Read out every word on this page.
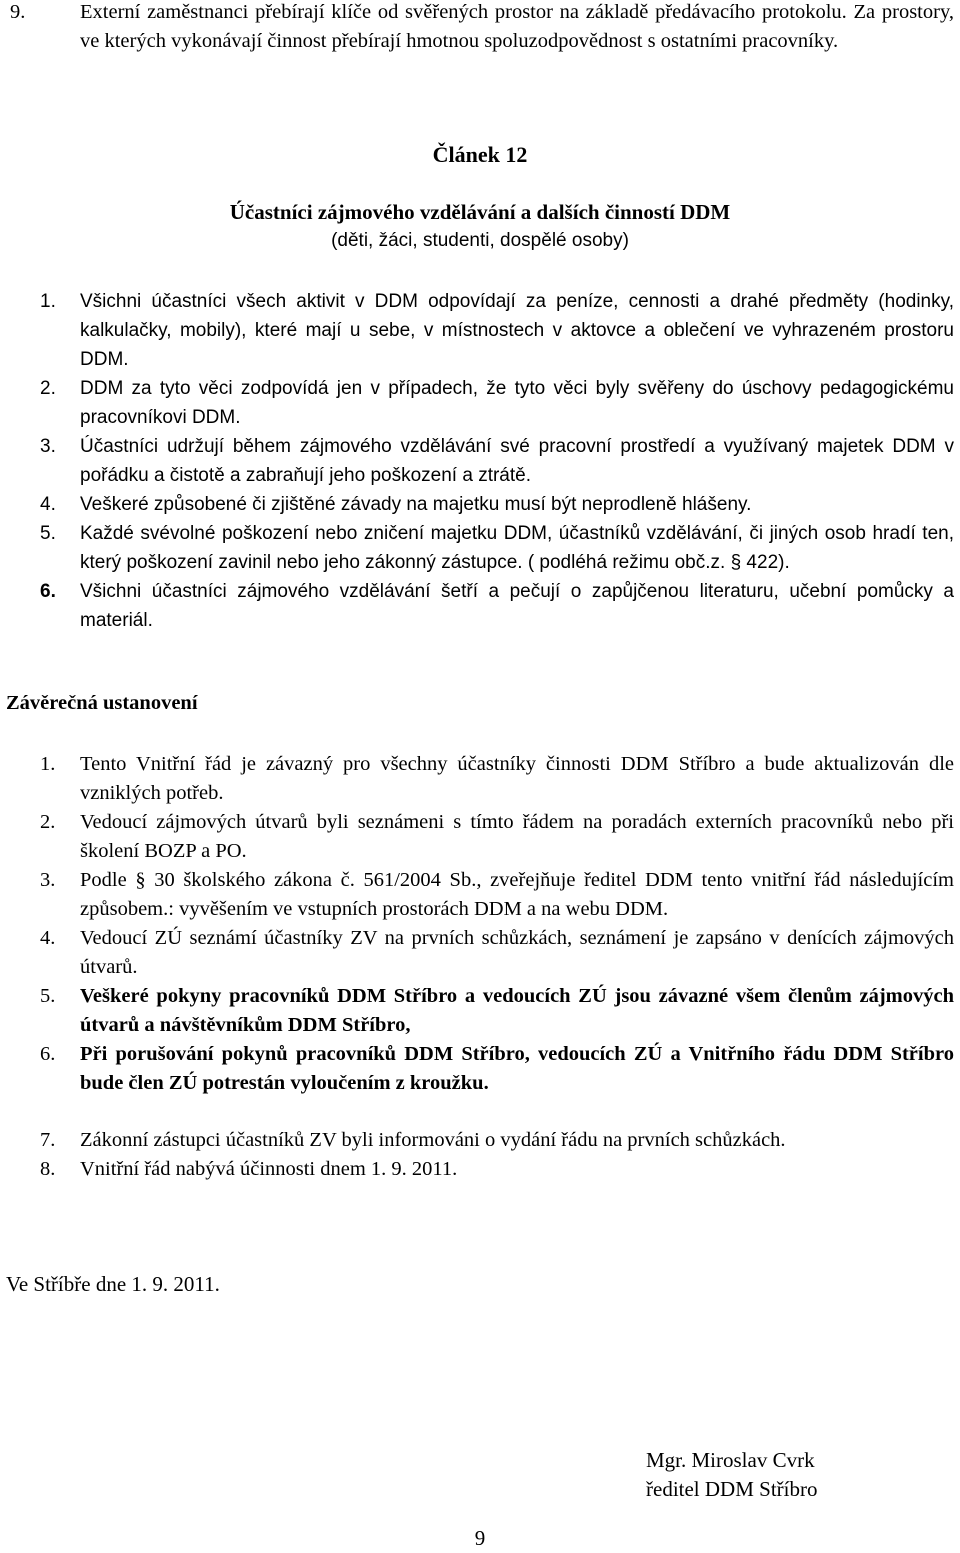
9.	Externí zaměstnanci přebírají klíče od svěřených prostor na základě předávacího protokolu. Za prostory, ve kterých vykonávají činnost přebírají hmotnou spoluzodpovědnost s ostatními pracovníky.
Článek 12
Účastníci zájmového vzdělávání a dalších činností DDM
(děti, žáci, studenti, dospělé osoby)
1.	Všichni účastníci všech aktivit v DDM odpovídají za peníze, cennosti a drahé předměty (hodinky, kalkulačky, mobily), které mají u sebe, v místnostech v aktovce a oblečení ve vyhrazeném prostoru DDM.
2.	DDM za tyto věci zodpovídá jen v případech, že tyto věci byly svěřeny do úschovy pedagogickému pracovníkovi DDM.
3.	Účastníci udržují během zájmového vzdělávání své pracovní prostředí a využívaný majetek DDM v pořádku a čistotě a zabraňují jeho poškození a ztrátě.
4.	Veškeré způsobené či zjištěné závady na majetku musí být neprodleně hlášeny.
5.	Každé svévolné poškození nebo zničení majetku DDM, účastníků vzdělávání, či jiných osob hradí ten, který poškození zavinil nebo jeho zákonný zástupce. ( podléhá režimu obč.z. § 422).
6.	Všichni účastníci zájmového vzdělávání šetří a pečují o zapůjčenou literaturu, učební pomůcky a materiál.
Závěrečná ustanovení
1.	Tento Vnitřní řád je závazný pro všechny účastníky činnosti DDM Stříbro a bude aktualizován dle vzniklých potřeb.
2.	Vedoucí zájmových útvarů byli seznámeni s tímto řádem na poradách externích pracovníků nebo při školení BOZP a PO.
3.	Podle § 30 školského zákona č. 561/2004 Sb., zveřejňuje ředitel DDM tento vnitřní řád následujícím způsobem.: vyvěšením ve vstupních prostorách DDM a na webu DDM.
4.	Vedoucí ZÚ seznámí účastníky ZV na prvních schůzkách, seznámení je zapsáno v denících zájmových útvarů.
5.	Veškeré pokyny pracovníků DDM Stříbro a vedoucích ZÚ jsou závazné všem členům zájmových útvarů a návštěvníkům DDM Stříbro,
6.	Při porušování pokynů pracovníků DDM Stříbro, vedoucích ZÚ a Vnitřního řádu DDM Stříbro bude člen ZÚ potrestán vyloučením z kroužku.
7.	Zákonní zástupci účastníků ZV byli informováni o vydání řádu na prvních schůzkách.
8.	Vnitřní řád nabývá účinnosti dnem 1. 9. 2011.
Ve Stříbře dne 1. 9. 2011.
Mgr. Miroslav Cvrk
ředitel DDM Stříbro
9
